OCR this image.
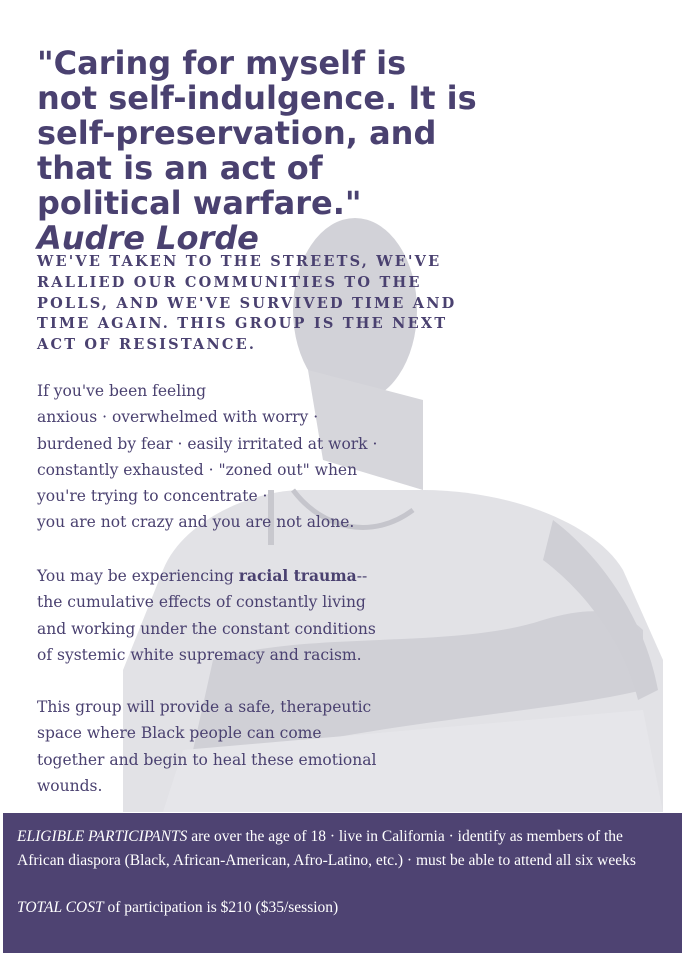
"Caring for myself is not self-indulgence. It is self-preservation, and that is an act of political warfare." Audre Lorde

WE'VE TAKEN TO THE STREETS, WE'VE RALLIED OUR COMMUNITIES TO THE POLLS, AND WE'VE SURVIVED TIME AND TIME AGAIN. THIS GROUP IS THE NEXT ACT OF RESISTANCE.

If you've been feeling
anxious · overwhelmed with worry ·
burdened by fear · easily irritated at work ·
constantly exhausted · "zoned out" when
you're trying to concentrate ·
you are not crazy and you are not alone.

You may be experiencing racial trauma--
the cumulative effects of constantly living
and working under the constant conditions
of systemic white supremacy and racism.

This group will provide a safe, therapeutic
space where Black people can come
together and begin to heal these emotional
wounds.

ELIGIBLE PARTICIPANTS are over the age of 18 · live in California · identify as members of the African diaspora (Black, African-American, Afro-Latino, etc.) · must be able to attend all six weeks

TOTAL COST of participation is $210 ($35/session)
